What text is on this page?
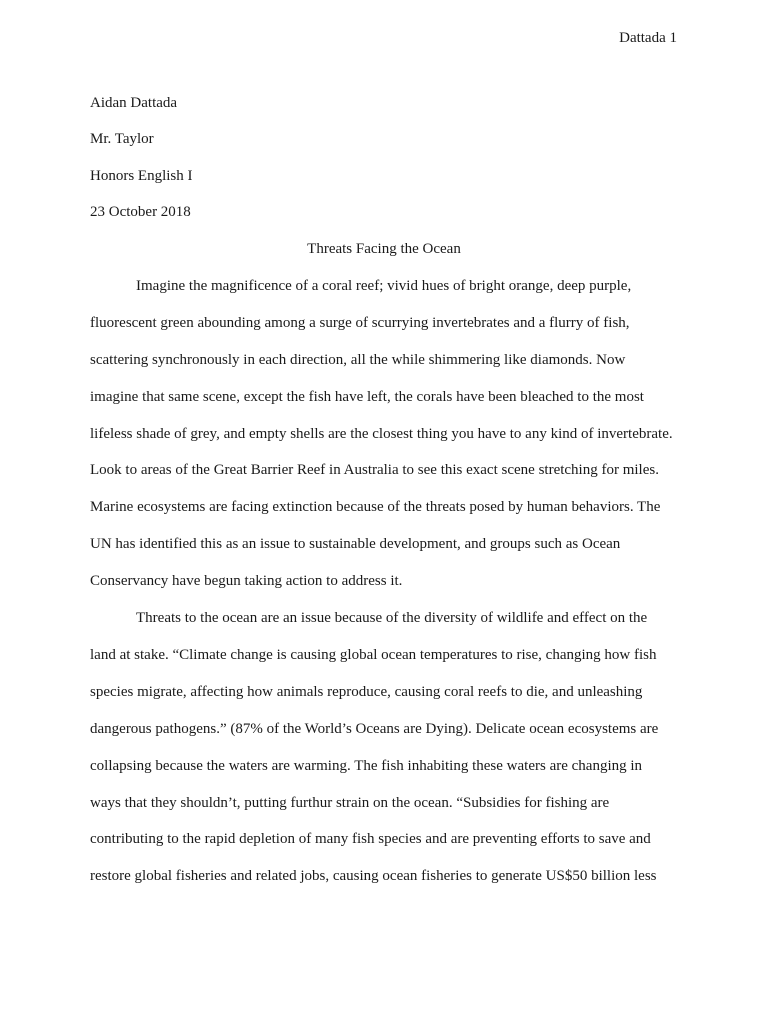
Dattada 1
Aidan Dattada
Mr. Taylor
Honors English I
23 October 2018
Threats Facing the Ocean
Imagine the magnificence of a coral reef; vivid hues of bright orange, deep purple,
fluorescent green abounding among a surge of scurrying invertebrates and a flurry of fish,
scattering synchronously in each direction, all the while shimmering like diamonds. Now
imagine that same scene, except the fish have left, the corals have been bleached to the most
lifeless shade of grey, and empty shells are the closest thing you have to any kind of invertebrate.
Look to areas of the Great Barrier Reef in Australia to see this exact scene stretching for miles.
Marine ecosystems are facing extinction because of the threats posed by human behaviors. The
UN has identified this as an issue to sustainable development, and groups such as Ocean
Conservancy have begun taking action to address it.
Threats to the ocean are an issue because of the diversity of wildlife and effect on the
land at stake. “Climate change is causing global ocean temperatures to rise, changing how fish
species migrate, affecting how animals reproduce, causing coral reefs to die, and unleashing
dangerous pathogens.” (87% of the World’s Oceans are Dying). Delicate ocean ecosystems are
collapsing because the waters are warming. The fish inhabiting these waters are changing in
ways that they shouldn’t, putting furthur strain on the ocean. “Subsidies for fishing are
contributing to the rapid depletion of many fish species and are preventing efforts to save and
restore global fisheries and related jobs, causing ocean fisheries to generate US$50 billion less
